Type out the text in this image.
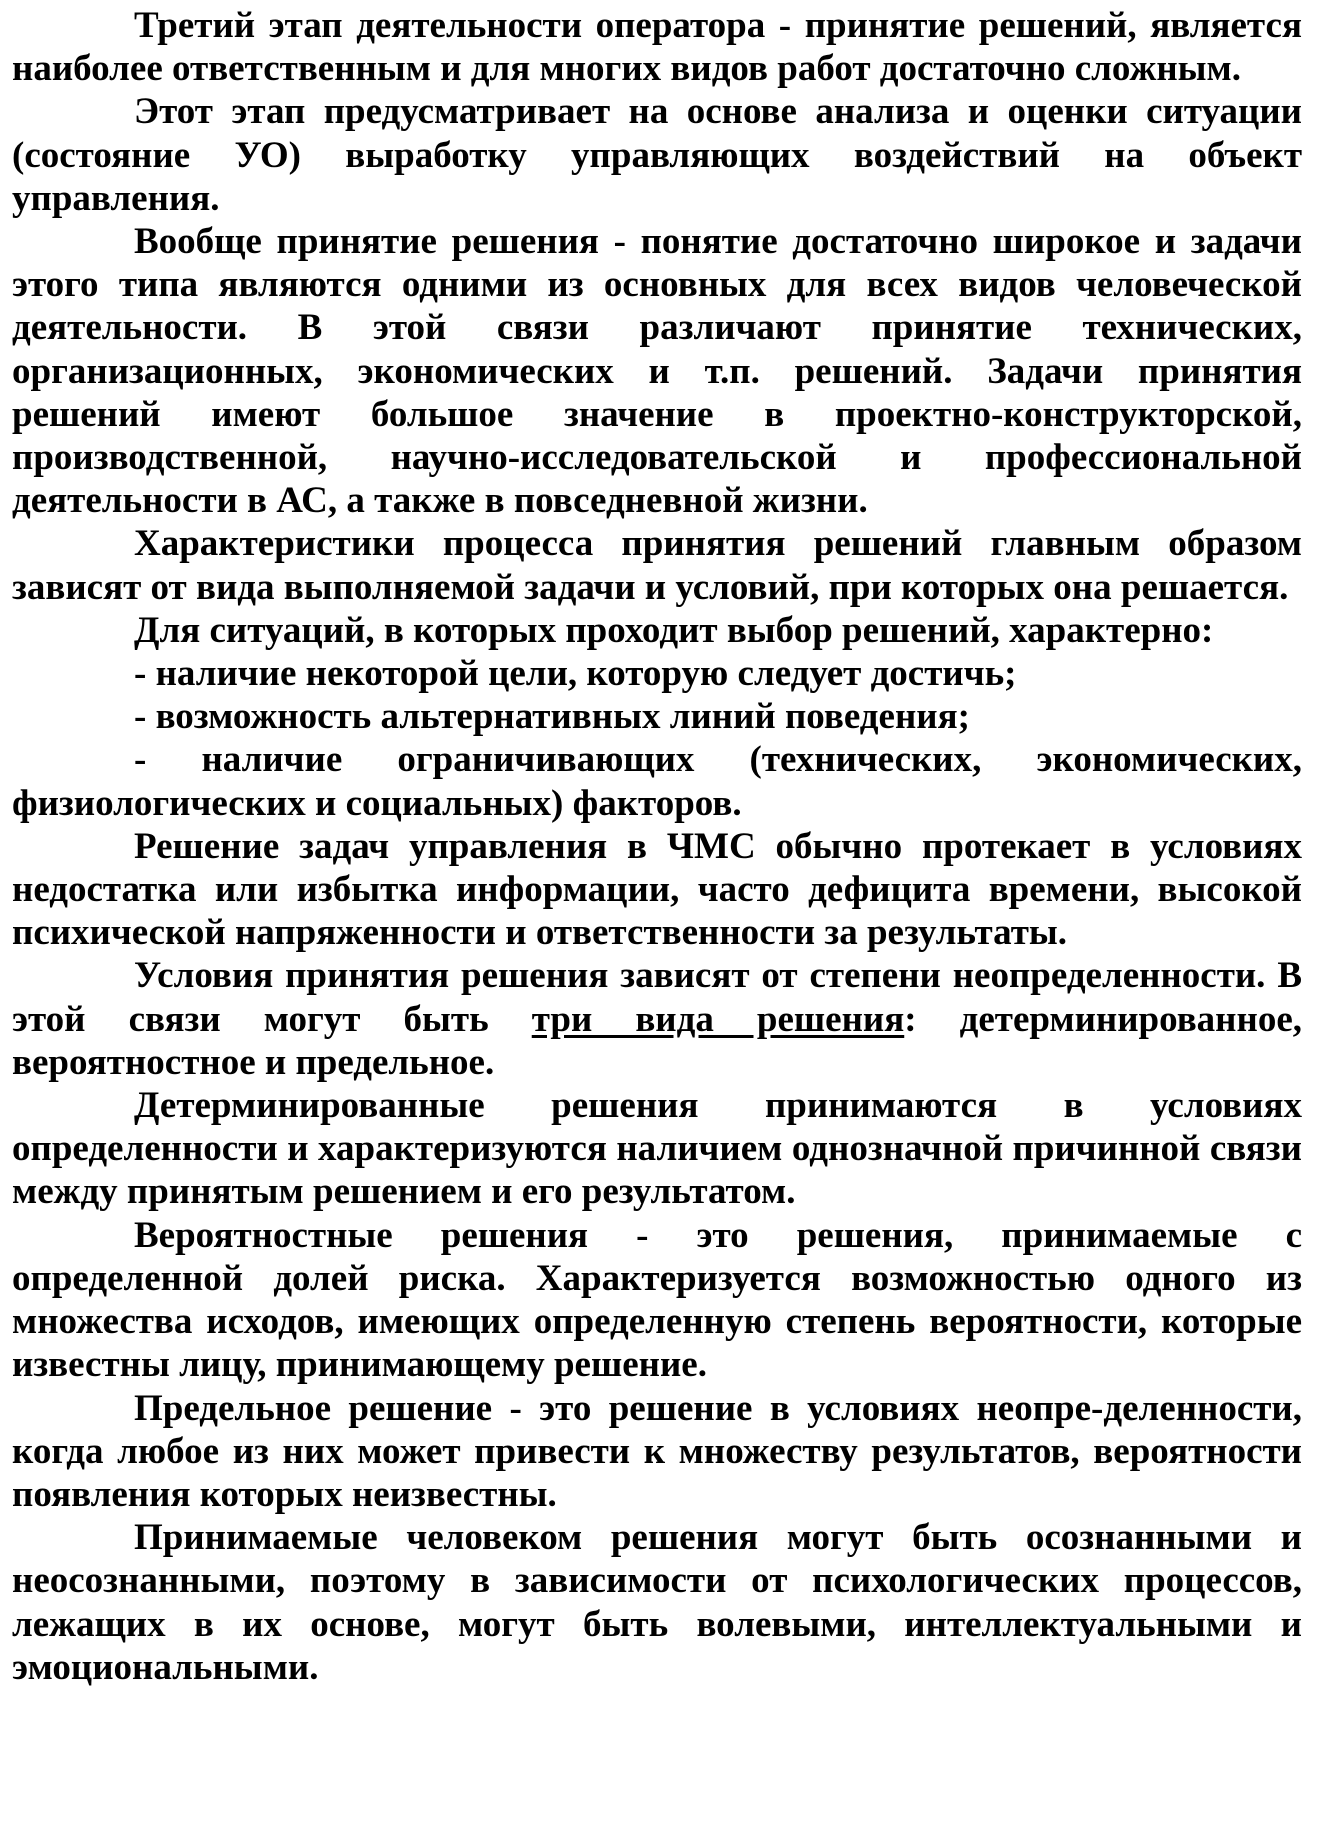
Третий этап деятельности оператора - принятие решений, является наиболее ответственным и для многих видов работ достаточно сложным.

Этот этап предусматривает на основе анализа и оценки ситуации (состояние УО) выработку управляющих воздействий на объект управления.

Вообще принятие решения - понятие достаточно широкое и задачи этого типа являются одними из основных для всех видов человеческой деятельности. В этой связи различают принятие технических, организационных, экономических и т.п. решений. Задачи принятия решений имеют большое значение в проектно-конструкторской, производственной, научно-исследовательской и профессиональной деятельности в АС, а также в повседневной жизни.

Характеристики процесса принятия решений главным образом зависят от вида выполняемой задачи и условий, при которых она решается.

Для ситуаций, в которых проходит выбор решений, характерно:

- наличие некоторой цели, которую следует достичь;

- возможность альтернативных линий поведения;

- наличие ограничивающих (технических, экономических, физиологических и социальных) факторов.

Решение задач управления в ЧМС обычно протекает в условиях недостатка или избытка информации, часто дефицита времени, высокой психической напряженности и ответственности за результаты.

Условия принятия решения зависят от степени неопределенности. В этой связи могут быть три вида решения: детерминированное, вероятностное и предельное.

Детерминированные решения принимаются в условиях определенности и характеризуются наличием однозначной причинной связи между принятым решением и его результатом.

Вероятностные решения - это решения, принимаемые с определенной долей риска. Характеризуется возможностью одного из множества исходов, имеющих определенную степень вероятности, которые известны лицу, принимающему решение.

Предельное решение - это решение в условиях неопре-деленности, когда любое из них может привести к множеству результатов, вероятности появления которых неизвестны.

Принимаемые человеком решения могут быть осознанными и неосознанными, поэтому в зависимости от психологических процессов, лежащих в их основе, могут быть волевыми, интеллектуальными и эмоциональными.
